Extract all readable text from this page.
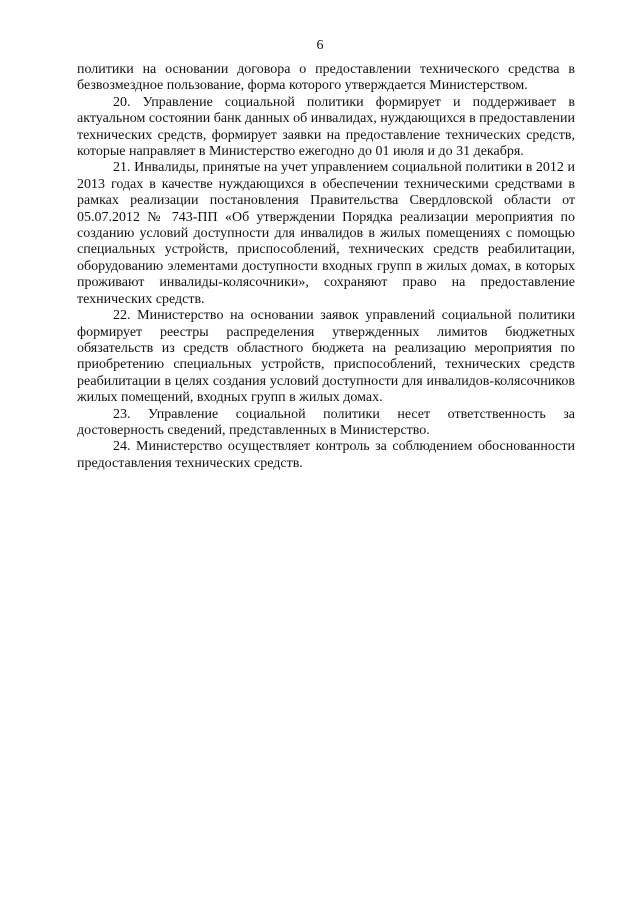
6

политики на основании договора о предоставлении технического средства в безвозмездное пользование, форма которого утверждается Министерством.

20. Управление социальной политики формирует и поддерживает в актуальном состоянии банк данных об инвалидах, нуждающихся в предоставлении технических средств, формирует заявки на предоставление технических средств, которые направляет в Министерство ежегодно до 01 июля и до 31 декабря.

21. Инвалиды, принятые на учет управлением социальной политики в 2012 и 2013 годах в качестве нуждающихся в обеспечении техническими средствами в рамках реализации постановления Правительства Свердловской области от 05.07.2012 № 743-ПП «Об утверждении Порядка реализации мероприятия по созданию условий доступности для инвалидов в жилых помещениях с помощью специальных устройств, приспособлений, технических средств реабилитации, оборудованию элементами доступности входных групп в жилых домах, в которых проживают инвалиды-колясочники», сохраняют право на предоставление технических средств.

22. Министерство на основании заявок управлений социальной политики формирует реестры распределения утвержденных лимитов бюджетных обязательств из средств областного бюджета на реализацию мероприятия по приобретению специальных устройств, приспособлений, технических средств реабилитации в целях создания условий доступности для инвалидов-колясочников жилых помещений, входных групп в жилых домах.

23. Управление социальной политики несет ответственность за достоверность сведений, представленных в Министерство.

24. Министерство осуществляет контроль за соблюдением обоснованности предоставления технических средств.
